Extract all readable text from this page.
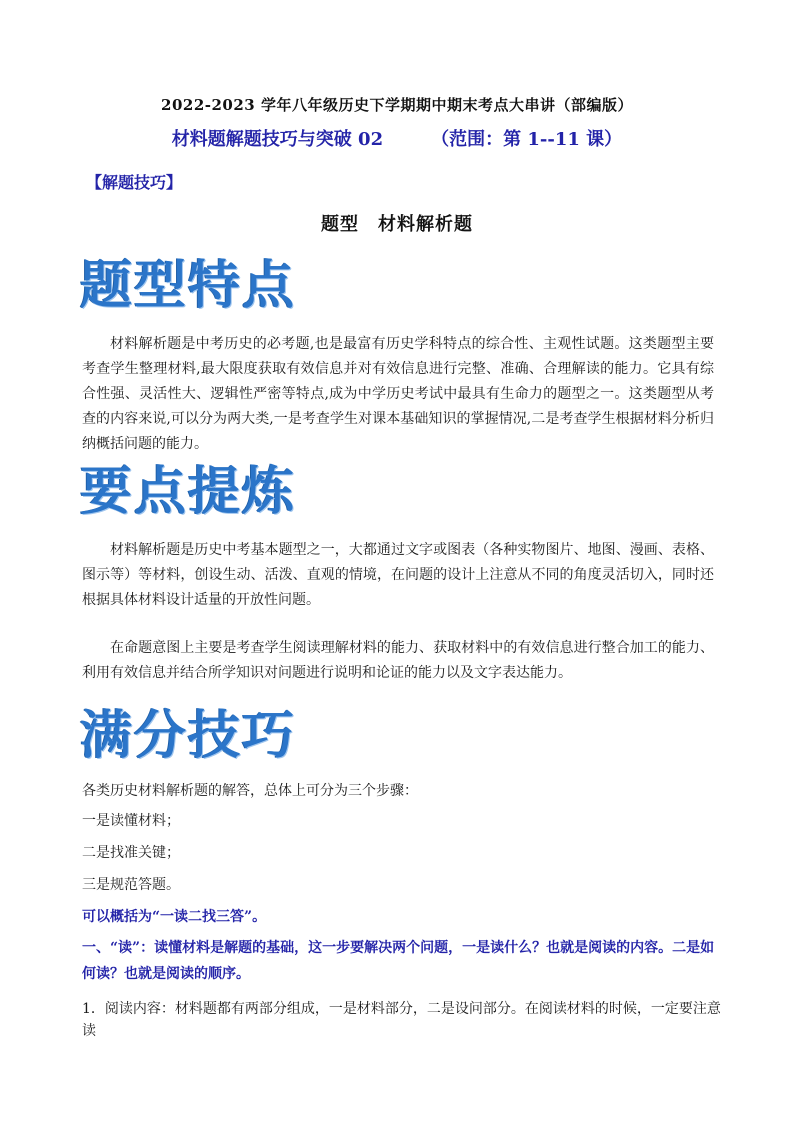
2022-2023 学年八年级历史下学期期中期末考点大串讲（部编版）
材料题解题技巧与突破 02	（范围：第 1--11 课）
【解题技巧】
题型　材料解析题
题型特点
材料解析题是中考历史的必考题,也是最富有历史学科特点的综合性、主观性试题。这类题型主要考查学生整理材料,最大限度获取有效信息并对有效信息进行完整、准确、合理解读的能力。它具有综合性强、灵活性大、逻辑性严密等特点,成为中学历史考试中最具有生命力的题型之一。这类题型从考查的内容来说,可以分为两大类,一是考查学生对课本基础知识的掌握情况,二是考查学生根据材料分析归纳概括问题的能力。
要点提炼
材料解析题是历史中考基本题型之一，大都通过文字或图表（各种实物图片、地图、漫画、表格、图示等）等材料，创设生动、活泼、直观的情境，在问题的设计上注意从不同的角度灵活切入，同时还根据具体材料设计适量的开放性问题。
在命题意图上主要是考查学生阅读理解材料的能力、获取材料中的有效信息进行整合加工的能力、利用有效信息并结合所学知识对问题进行说明和论证的能力以及文字表达能力。
满分技巧
各类历史材料解析题的解答，总体上可分为三个步骤：
一是读懂材料；
二是找准关键；
三是规范答题。
可以概括为“一读二找三答”。
一、“读”：读懂材料是解题的基础，这一步要解决两个问题，一是读什么？也就是阅读的内容。二是如何读？也就是阅读的顺序。
1．阅读内容：材料题都有两部分组成，一是材料部分，二是设问部分。在阅读材料的时候，一定要注意读
